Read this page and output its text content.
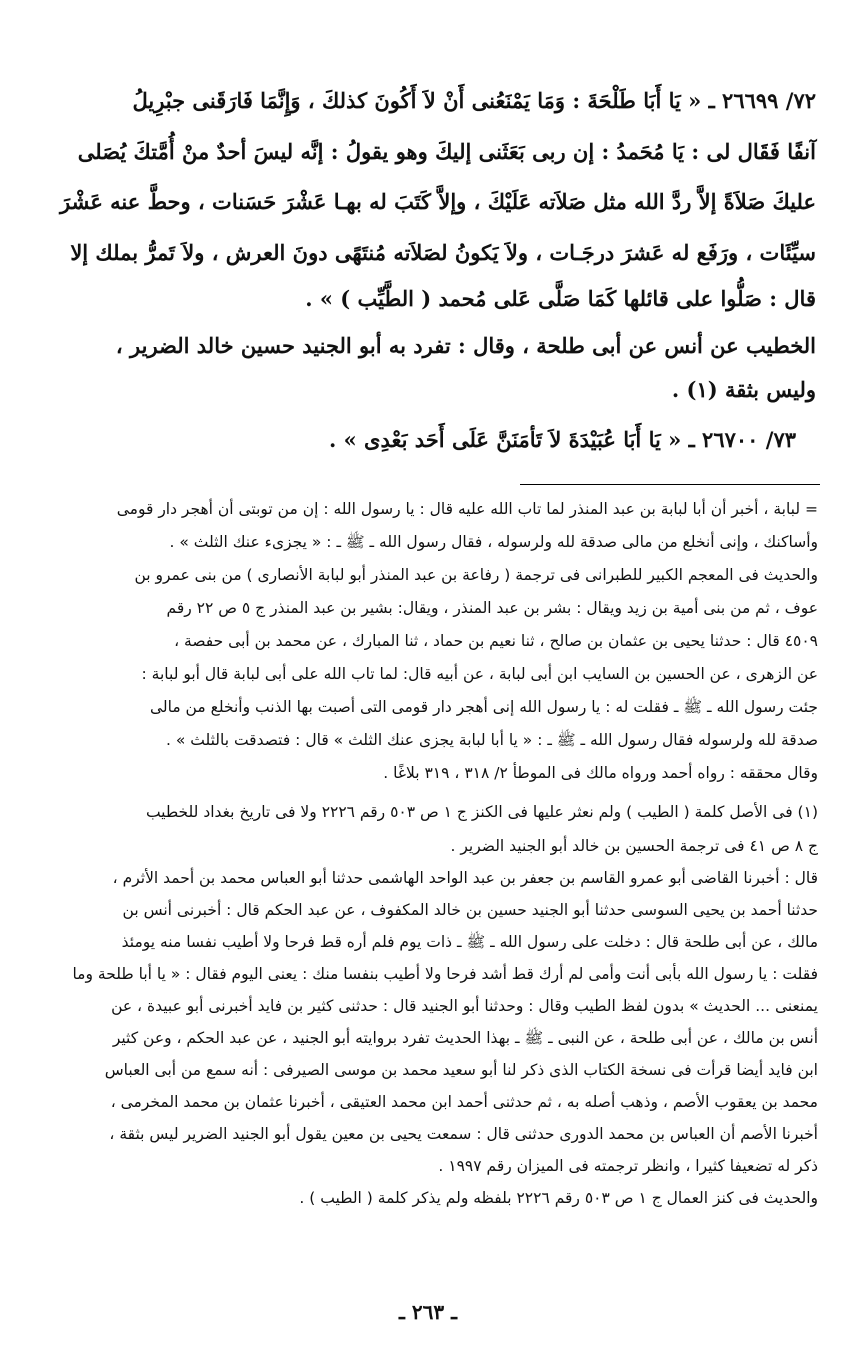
٧٢/ ٢٦٦٩٩ ـ « يَا أَبَا طَلْحَةَ : وَمَا يَمْنَعُنى أَنْ لاَ أَكُونَ كذلكَ ، وَإِنَّمَا فَارَقَنى جبْرِيلُ
آنفًا فَقَال لى : يَا مُحَمدُ : إن ربى بَعَثَنى إليكَ وهو يقولُ : إنَّه ليسَ أحدٌ منْ أُمَّتكَ يُصَلى
عليكَ صَلاَةً إلاَّ ردَّ الله مثل صَلاَته عَلَيْكَ ، وإلاَّ كَتَبَ له بهـا عَشْرَ حَسَنات ، وحطَّ عنه عَشْرَ
سيِّئَات ، ورَفَع له عَشرَ درجَـات ، ولاَ يَكونُ لصَلاَته مُنتَهًى دونَ العرش ، ولاَ تَمرُّ بملك إلا
قال : صَلُّوا على قائلها كَمَا صَلَّى عَلى مُحمد ( الطَّيِّب ) » .
الخطيب عن أنس عن أبى طلحة ، وقال : تفرد به أبو الجنيد حسين خالد الضرير ،
وليس بثقة (١) .
٧٣/ ٢٦٧٠٠ ـ « يَا أَبَا عُبَيْدَةَ لاَ تَأمَنَنَّ عَلَى أَحَد بَعْدِى » .
= لبابة ، أخبر أن أبا لبابة بن عبد المنذر لما تاب الله عليه قال : يا رسول الله : إن من توبتى أن أهجر دار قومى
وأساكنك ، وإنى أنخلع من مالى صدقة لله ولرسوله ، فقال رسول الله ـ ﷺ ـ : « يجزىء عنك الثلث » .
والحديث فى المعجم الكبير للطبرانى فى ترجمة ( رفاعة بن عبد المنذر أبو لبابة الأنصارى ) من بنى عمرو بن
عوف ، ثم من بنى أمية بن زيد ويقال : بشر بن عبد المنذر ، ويقال: بشير بن عبد المنذر ج ٥ ص ٢٢ رقم
٤٥٠٩ قال : حدثنا يحيى بن عثمان بن صالح ، ثنا نعيم بن حماد ، ثنا المبارك ، عن محمد بن أبى حفصة ،
عن الزهرى ، عن الحسين بن السايب ابن أبى لبابة ، عن أبيه قال: لما تاب الله على أبى لبابة قال أبو لبابة :
جئت رسول الله ـ ﷺ ـ فقلت له : يا رسول الله إنى أهجر دار قومى التى أصبت بها الذنب وأنخلع من مالى
صدقة لله ولرسوله فقال رسول الله ـ ﷺ ـ : « يا أبا لبابة يجزى عنك الثلث » قال : فتصدقت بالثلث » .
وقال محققه : رواه أحمد ورواه مالك فى الموطأ ٢/ ٣١٨ ، ٣١٩ بلاغًا .
(١) فى الأصل كلمة ( الطيب ) ولم نعثر عليها فى الكنز ج ١ ص ٥٠٣ رقم ٢٢٢٦ ولا فى تاريخ بغداد للخطيب
ج ٨ ص ٤١ فى ترجمة الحسين بن خالد أبو الجنيد الضرير .
قال : أخبرنا القاضى أبو عمرو القاسم بن جعفر بن عبد الواحد الهاشمى حدثنا أبو العباس محمد بن أحمد الأثرم ،
حدثنا أحمد بن يحيى السوسى حدثنا أبو الجنيد حسين بن خالد المكفوف ، عن عبد الحكم قال : أخبرنى أنس بن
مالك ، عن أبى طلحة قال : دخلت على رسول الله ـ ﷺ ـ ذات يوم فلم أره قط فرحا ولا أطيب نفسا منه يومئذ
فقلت : يا رسول الله بأبى أنت وأمى لم أرك قط أشد فرحا ولا أطيب بنفسا منك : يعنى اليوم فقال : « يا أبا طلحة وما
يمنعنى ... الحديث » بدون لفظ الطيب وقال : وحدثنا أبو الجنيد قال : حدثنى كثير بن فايد أخبرنى أبو عبيدة ، عن
أنس بن مالك ، عن أبى طلحة ، عن النبى ـ ﷺ ـ بهذا الحديث تفرد بروايته أبو الجنيد ، عن عبد الحكم ، وعن كثير
ابن فايد أيضا قرأت فى نسخة الكتاب الذى ذكر لنا أبو سعيد محمد بن موسى الصيرفى : أنه سمع من أبى العباس
محمد بن يعقوب الأصم ، وذهب أصله به ، ثم حدثنى أحمد ابن محمد العتيقى ، أخبرنا عثمان بن محمد المخرمى ،
أخبرنا الأصم أن العباس بن محمد الدورى حدثنى قال : سمعت يحيى بن معين يقول أبو الجنيد الضرير ليس بثقة ،
ذكر له تضعيفا كثيرا ، وانظر ترجمته فى الميزان رقم ١٩٩٧ .
والحديث فى كنز العمال ج ١ ص ٥٠٣ رقم ٢٢٢٦ بلفظه ولم يذكر كلمة ( الطيب ) .
ـ ٢٦٣ ـ
